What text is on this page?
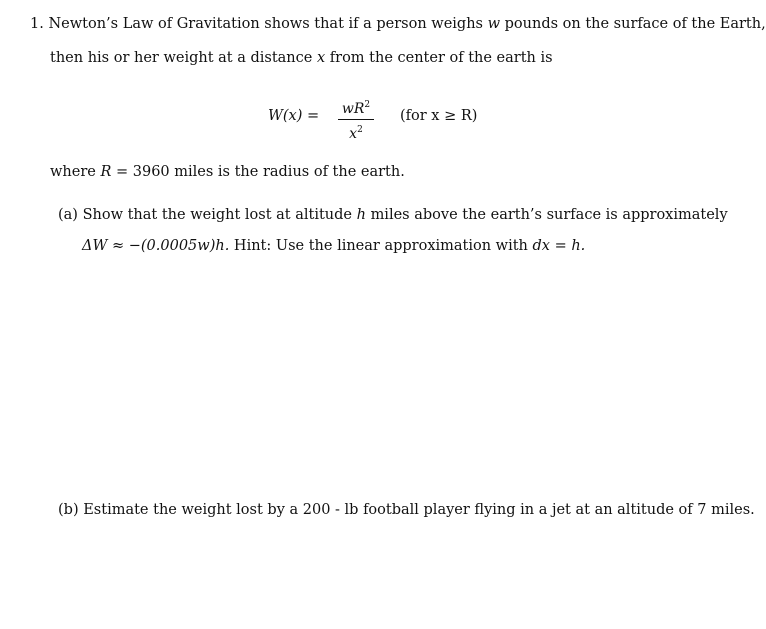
1. Newton’s Law of Gravitation shows that if a person weighs w pounds on the surface of the Earth,
then his or her weight at a distance x from the center of the earth is
$W(x) = wR^2$
$x^2$
(for x ≥ R)
where R = 3960 miles is the radius of the earth.
(a) Show that the weight lost at altitude h miles above the earth’s surface is approximately
ΔW ≈ −(0.0005w)h. Hint: Use the linear approximation with dx = h.
(b) Estimate the weight lost by a 200 - lb football player flying in a jet at an altitude of 7 miles.
